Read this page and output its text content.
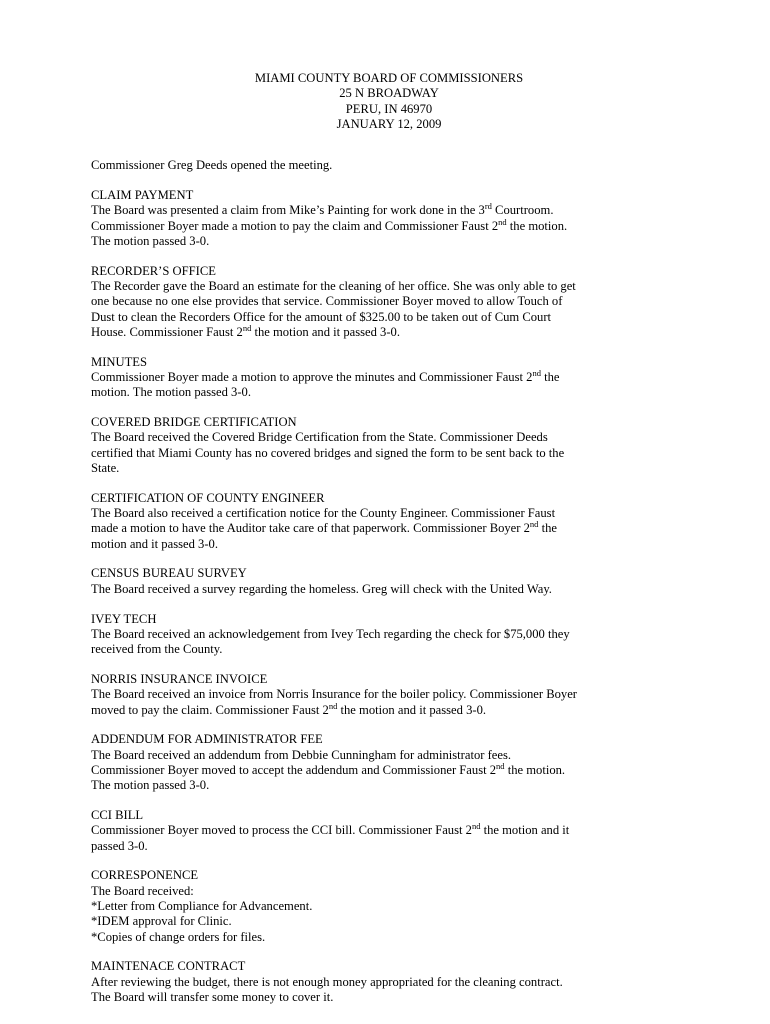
MIAMI COUNTY BOARD OF COMMISSIONERS
25 N BROADWAY
PERU, IN 46970
JANUARY 12, 2009
Commissioner Greg Deeds opened the meeting.
CLAIM PAYMENT
The Board was presented a claim from Mike’s Painting for work done in the 3rd Courtroom.
Commissioner Boyer made a motion to pay the claim and Commissioner Faust 2nd the motion.
The motion passed 3-0.
RECORDER’S OFFICE
The Recorder gave the Board an estimate for the cleaning of her office. She was only able to get
one because no one else provides that service. Commissioner Boyer moved to allow Touch of
Dust to clean the Recorders Office for the amount of $325.00 to be taken out of Cum Court
House. Commissioner Faust 2nd the motion and it passed 3-0.
MINUTES
Commissioner Boyer made a motion to approve the minutes and Commissioner Faust 2nd the
motion. The motion passed 3-0.
COVERED BRIDGE CERTIFICATION
The Board received the Covered Bridge Certification from the State. Commissioner Deeds
certified that Miami County has no covered bridges and signed the form to be sent back to the
State.
CERTIFICATION OF COUNTY ENGINEER
The Board also received a certification notice for the County Engineer. Commissioner Faust
made a motion to have the Auditor take care of that paperwork. Commissioner Boyer 2nd the
motion and it passed 3-0.
CENSUS BUREAU SURVEY
The Board received a survey regarding the homeless. Greg will check with the United Way.
IVEY TECH
The Board received an acknowledgement from Ivey Tech regarding the check for $75,000 they
received from the County.
NORRIS INSURANCE INVOICE
The Board received an invoice from Norris Insurance for the boiler policy. Commissioner Boyer
moved to pay the claim. Commissioner Faust 2nd the motion and it passed 3-0.
ADDENDUM FOR ADMINISTRATOR FEE
The Board received an addendum from Debbie Cunningham for administrator fees.
Commissioner Boyer moved to accept the addendum and Commissioner Faust 2nd the motion.
The motion passed 3-0.
CCI BILL
Commissioner Boyer moved to process the CCI bill. Commissioner Faust 2nd the motion and it
passed 3-0.
CORRESPONENCE
The Board received:
*Letter from Compliance for Advancement.
*IDEM approval for Clinic.
*Copies of change orders for files.
MAINTENACE CONTRACT
After reviewing the budget, there is not enough money appropriated for the cleaning contract.
The Board will transfer some money to cover it.
